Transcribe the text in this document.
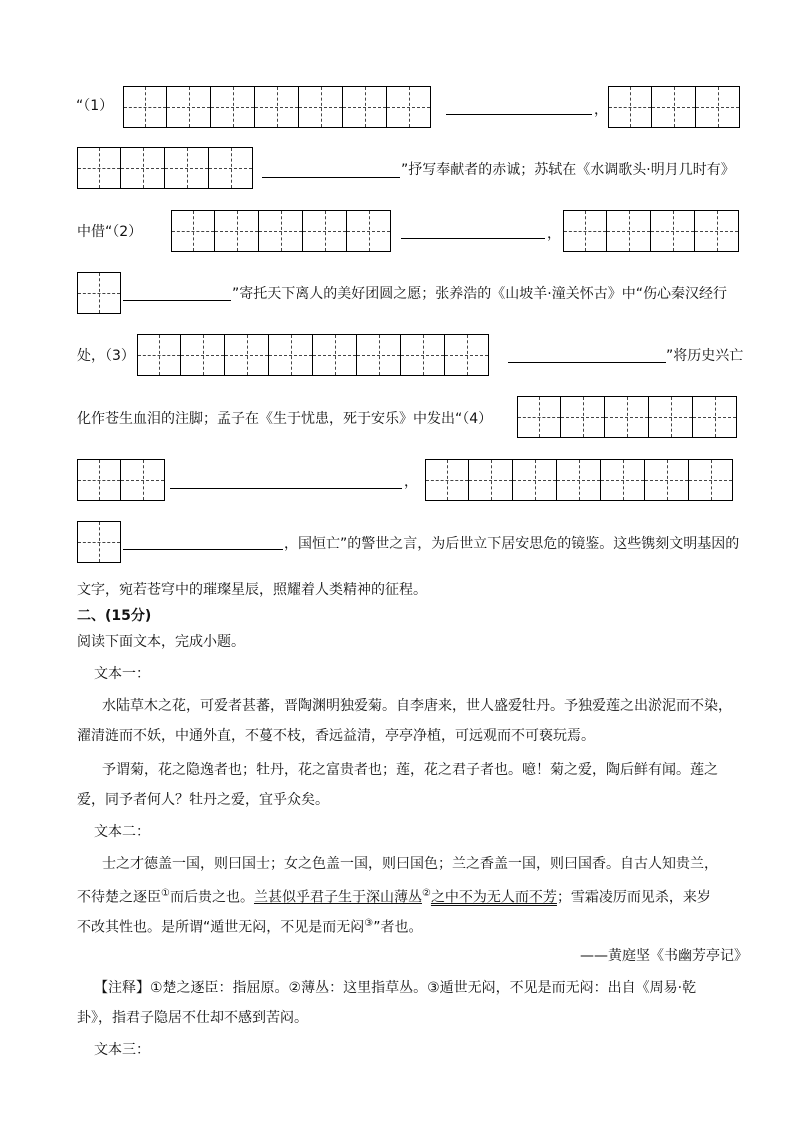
“（1）	，
”抒写奉献者的赤诚；苏轼在《水调歌头·明月几时有》
中借“（2）	，
”寄托天下离人的美好团圆之愿；张养浩的《山坡羊·潼关怀古》中“伤心秦汉经行
处，（3）	”将历史兴亡
化作苍生血泪的注脚；孟子在《生于忧患，死于安乐》中发出“（4）
，
，国恒亡”的警世之言，为后世立下居安思危的镜鉴。这些镌刻文明基因的
文字，宛若苍穹中的璀璨星辰，照耀着人类精神的征程。
二、(15分)
阅读下面文本，完成小题。
文本一：
水陆草木之花，可爱者甚蕃，晋陶渊明独爱菊。自李唐来，世人盛爱牡丹。予独爱莲之出淤泥而不染，
濯清涟而不妖，中通外直，不蔓不枝，香远益清，亭亭净植，可远观而不可亵玩焉。
予谓菊，花之隐逸者也；牡丹，花之富贵者也；莲，花之君子者也。噫！菊之爱，陶后鲜有闻。莲之
爱，同予者何人？牡丹之爱，宜乎众矣。
文本二：
士之才德盖一国，则曰国士；女之色盖一国，则曰国色；兰之香盖一国，则曰国香。自古人知贵兰，
不待楚之逐臣①而后贵之也。兰甚似乎君子生于深山薄丛②之中不为无人而不芳；雪霜凌厉而见杀，来岁
不改其性也。是所谓“遁世无闷，不见是而无闷③”者也。
——黄庭坚《书幽芳亭记》
【注释】①楚之逐臣：指屈原。②薄丛：这里指草丛。③遁世无闷，不见是而无闷：出自《周易·乾
卦》，指君子隐居不仕却不感到苦闷。
文本三：
